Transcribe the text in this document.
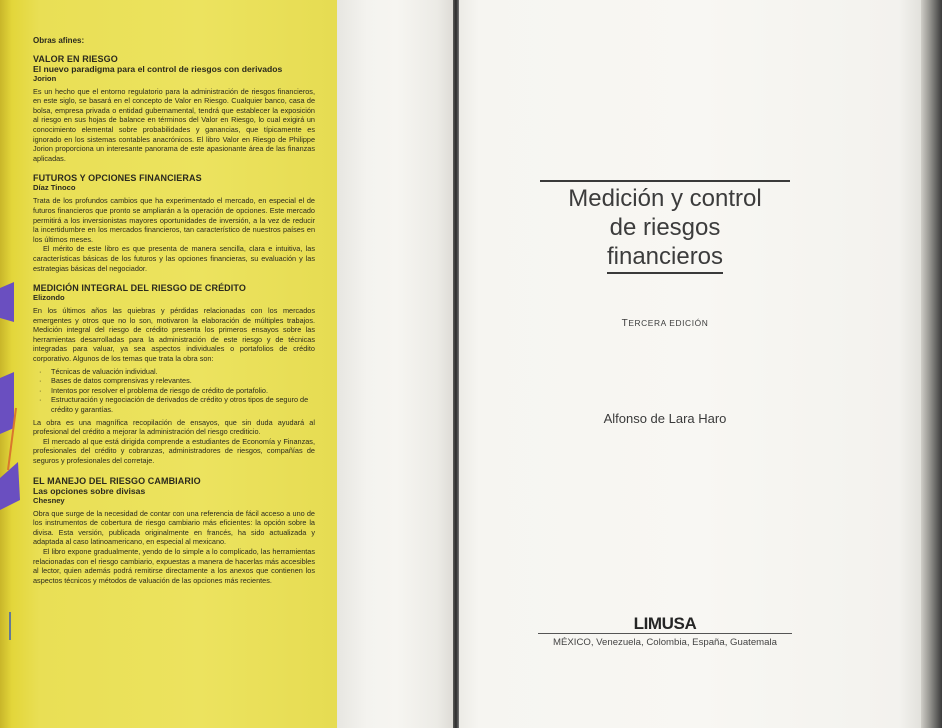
Obras afines:
VALOR EN RIESGO
El nuevo paradigma para el control de riesgos con derivados
Jorion

Es un hecho que el entorno regulatorio para la administración de riesgos financieros, en este siglo, se basará en el concepto de Valor en Riesgo. Cualquier banco, casa de bolsa, empresa privada o entidad gubernamental, tendrá que establecer la exposición al riesgo en sus hojas de balance en términos del Valor en Riesgo, lo cual exigirá un conocimiento elemental sobre probabilidades y ganancias, que típicamente es ignorado en los sistemas contables anacrónicos. El libro Valor en Riesgo de Philippe Jorion proporciona un interesante panorama de este apasionante área de las finanzas aplicadas.

FUTUROS Y OPCIONES FINANCIERAS
Díaz Tinoco

Trata de los profundos cambios que ha experimentado el mercado, en especial el de futuros financieros que pronto se ampliarán a la operación de opciones. Este mercado permitirá a los inversionistas mayores oportunidades de inversión, a la vez de reducir la incertidumbre en los mercados financieros, tan característico de nuestros países en los últimos meses.

El mérito de este libro es que presenta de manera sencilla, clara e intuitiva, las características básicas de los futuros y las opciones financieras, su evaluación y las estrategias básicas del negociador.

MEDICIÓN INTEGRAL DEL RIESGO DE CRÉDITO
Elizondo

En los últimos años las quiebras y pérdidas relacionadas con los mercados emergentes y otros que no lo son, motivaron la elaboración de múltiples trabajos. Medición integral del riesgo de crédito presenta los primeros ensayos sobre las herramientas desarrolladas para la administración de este riesgo y de técnicas integradas para valuar, ya sea aspectos individuales o portafolios de crédito corporativo. Algunos de los temas que trata la obra son:

· Técnicas de valuación individual.
· Bases de datos comprensivas y relevantes.
· Intentos por resolver el problema de riesgo de crédito de portafolio.
· Estructuración y negociación de derivados de crédito y otros tipos de seguro de crédito y garantías.

La obra es una magnífica recopilación de ensayos, que sin duda ayudará al profesional del crédito a mejorar la administración del riesgo crediticio.

El mercado al que está dirigida comprende a estudiantes de Economía y Finanzas, profesionales del crédito y cobranzas, administradores de riesgos, compañías de seguros y profesionales del corretaje.

EL MANEJO DEL RIESGO CAMBIARIO
Las opciones sobre divisas
Chesney

Obra que surge de la necesidad de contar con una referencia de fácil acceso a uno de los instrumentos de cobertura de riesgo cambiario más eficientes: la opción sobre la divisa. Esta versión, publicada originalmente en francés, ha sido actualizada y adaptada al caso latinoamericano, en especial al mexicano.

El libro expone gradualmente, yendo de lo simple a lo complicado, las herramientas relacionadas con el riesgo cambiario, expuestas a manera de hacerlas más accesibles al lector, quien además podrá remitirse directamente a los anexos que contienen los aspectos técnicos y métodos de valuación de las opciones más recientes.

Medición y control
de riesgos
financieros
TERCERA EDICIÓN
Alfonso de Lara Haro
LIMUSA
MÉXICO, Venezuela, Colombia, España, Guatemala
